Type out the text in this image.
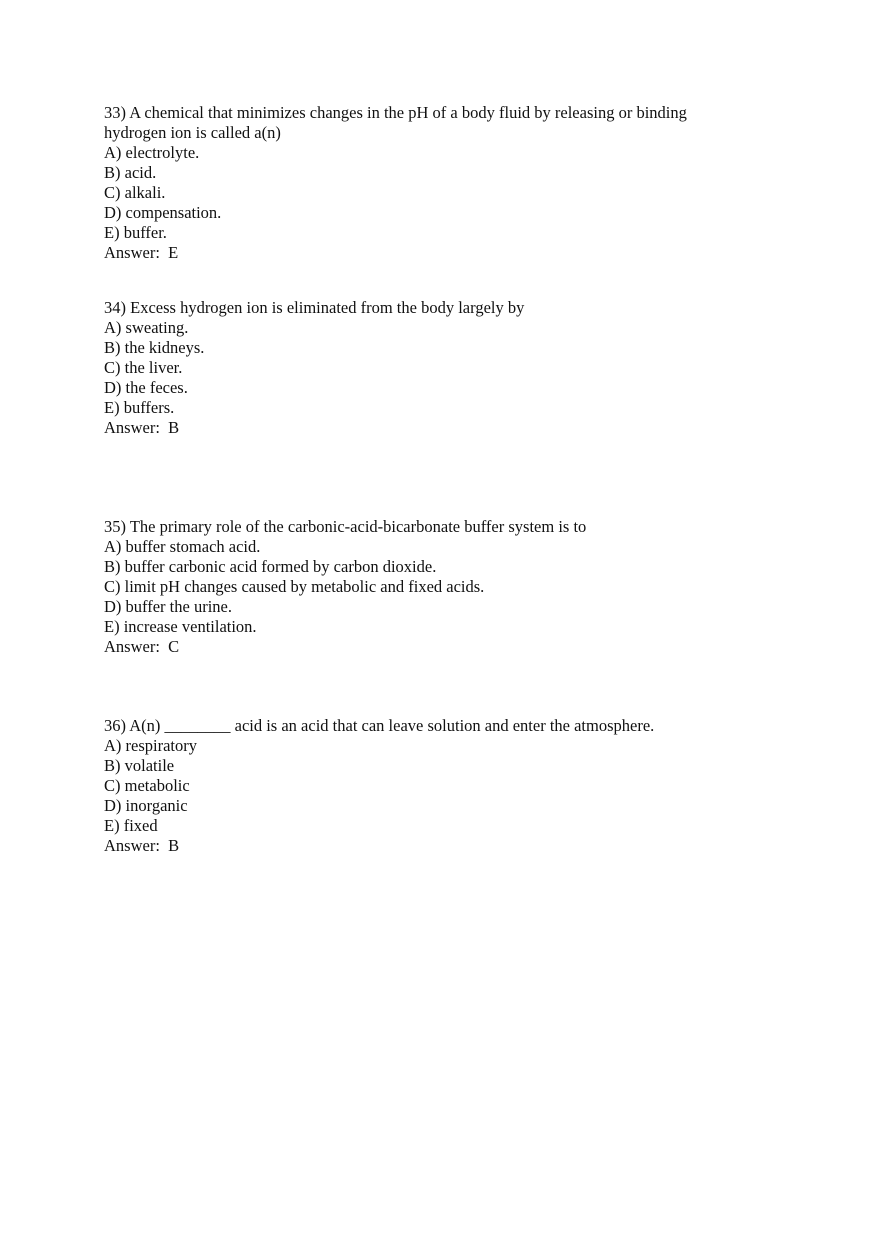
33) A chemical that minimizes changes in the pH of a body fluid by releasing or binding
hydrogen ion is called a(n)
A) electrolyte.
B) acid.
C) alkali.
D) compensation.
E) buffer.
Answer:  E
34) Excess hydrogen ion is eliminated from the body largely by
A) sweating.
B) the kidneys.
C) the liver.
D) the feces.
E) buffers.
Answer:  B
35) The primary role of the carbonic-acid-bicarbonate buffer system is to
A) buffer stomach acid.
B) buffer carbonic acid formed by carbon dioxide.
C) limit pH changes caused by metabolic and fixed acids.
D) buffer the urine.
E) increase ventilation.
Answer:  C
36) A(n) ________ acid is an acid that can leave solution and enter the atmosphere.
A) respiratory
B) volatile
C) metabolic
D) inorganic
E) fixed
Answer:  B
